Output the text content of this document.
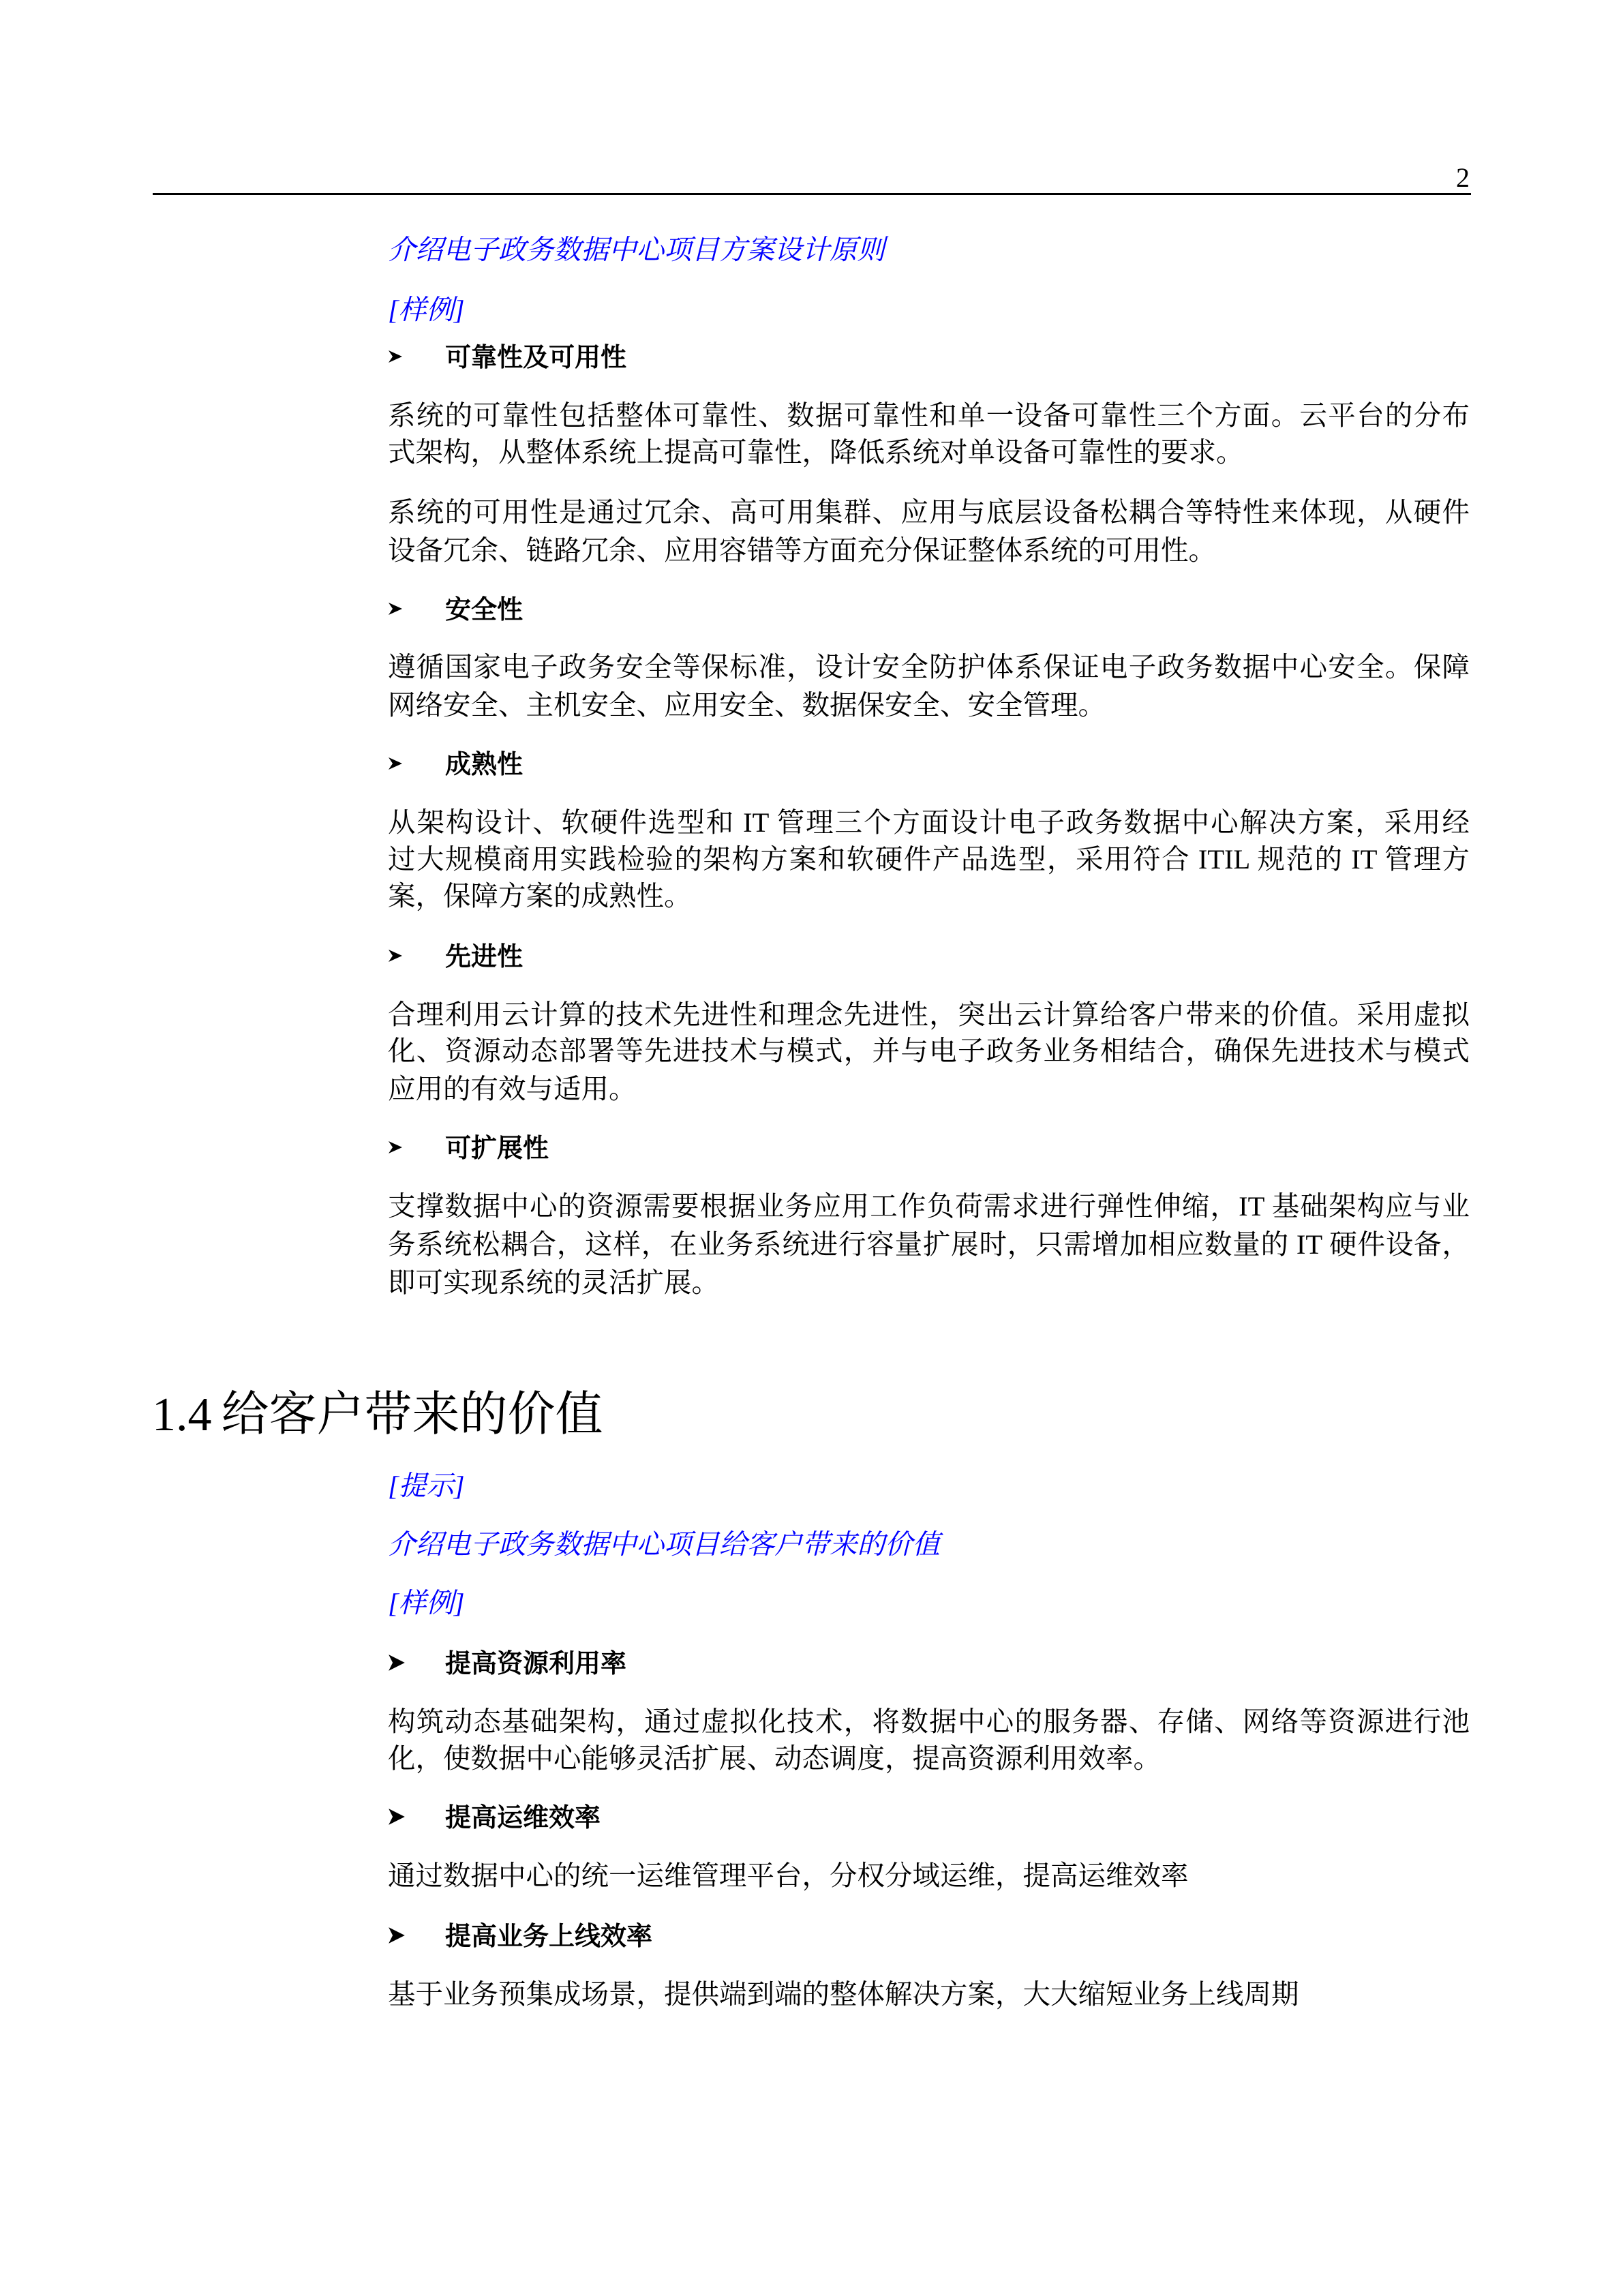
2
介绍电子政务数据中心项目方案设计原则
[样例]
可靠性及可用性
系统的可靠性包括整体可靠性、数据可靠性和单一设备可靠性三个方面。云平台的分布
式架构，从整体系统上提高可靠性，降低系统对单设备可靠性的要求。
系统的可用性是通过冗余、高可用集群、应用与底层设备松耦合等特性来体现，从硬件
设备冗余、链路冗余、应用容错等方面充分保证整体系统的可用性。
安全性
遵循国家电子政务安全等保标准，设计安全防护体系保证电子政务数据中心安全。保障
网络安全、主机安全、应用安全、数据保安全、安全管理。
成熟性
从架构设计、软硬件选型和 IT 管理三个方面设计电子政务数据中心解决方案，采用经
过大规模商用实践检验的架构方案和软硬件产品选型，采用符合 ITIL 规范的 IT 管理方
案，保障方案的成熟性。
先进性
合理利用云计算的技术先进性和理念先进性，突出云计算给客户带来的价值。采用虚拟
化、资源动态部署等先进技术与模式，并与电子政务业务相结合，确保先进技术与模式
应用的有效与适用。
可扩展性
支撑数据中心的资源需要根据业务应用工作负荷需求进行弹性伸缩，IT 基础架构应与业
务系统松耦合，这样，在业务系统进行容量扩展时，只需增加相应数量的 IT 硬件设备，
即可实现系统的灵活扩展。
1.4 给客户带来的价值
[提示]
介绍电子政务数据中心项目给客户带来的价值
[样例]
提高资源利用率
构筑动态基础架构，通过虚拟化技术，将数据中心的服务器、存储、网络等资源进行池
化，使数据中心能够灵活扩展、动态调度，提高资源利用效率。
提高运维效率
通过数据中心的统一运维管理平台，分权分域运维，提高运维效率
提高业务上线效率
基于业务预集成场景，提供端到端的整体解决方案，大大缩短业务上线周期
